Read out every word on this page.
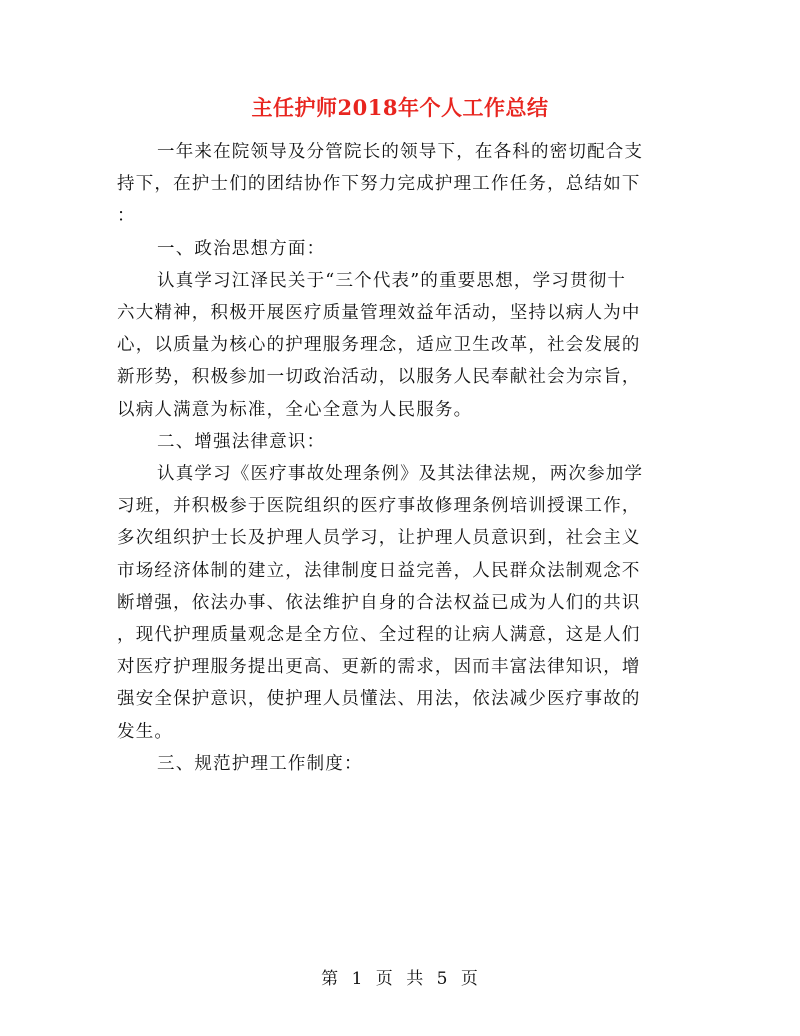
主任护师2018年个人工作总结
一年来在院领导及分管院长的领导下，在各科的密切配合支
持下，在护士们的团结协作下努力完成护理工作任务，总结如下
：
一、政治思想方面：
认真学习江泽民关于“三个代表”的重要思想，学习贯彻十
六大精神，积极开展医疗质量管理效益年活动，坚持以病人为中
心，以质量为核心的护理服务理念，适应卫生改革，社会发展的
新形势，积极参加一切政治活动，以服务人民奉献社会为宗旨，
以病人满意为标准，全心全意为人民服务。
二、增强法律意识：
认真学习《医疗事故处理条例》及其法律法规，两次参加学
习班，并积极参于医院组织的医疗事故修理条例培训授课工作，
多次组织护士长及护理人员学习，让护理人员意识到，社会主义
市场经济体制的建立，法律制度日益完善，人民群众法制观念不
断增强，依法办事、依法维护自身的合法权益已成为人们的共识
，现代护理质量观念是全方位、全过程的让病人满意，这是人们
对医疗护理服务提出更高、更新的需求，因而丰富法律知识，增
强安全保护意识，使护理人员懂法、用法，依法减少医疗事故的
发生。
三、规范护理工作制度：
第 1 页 共 5 页
